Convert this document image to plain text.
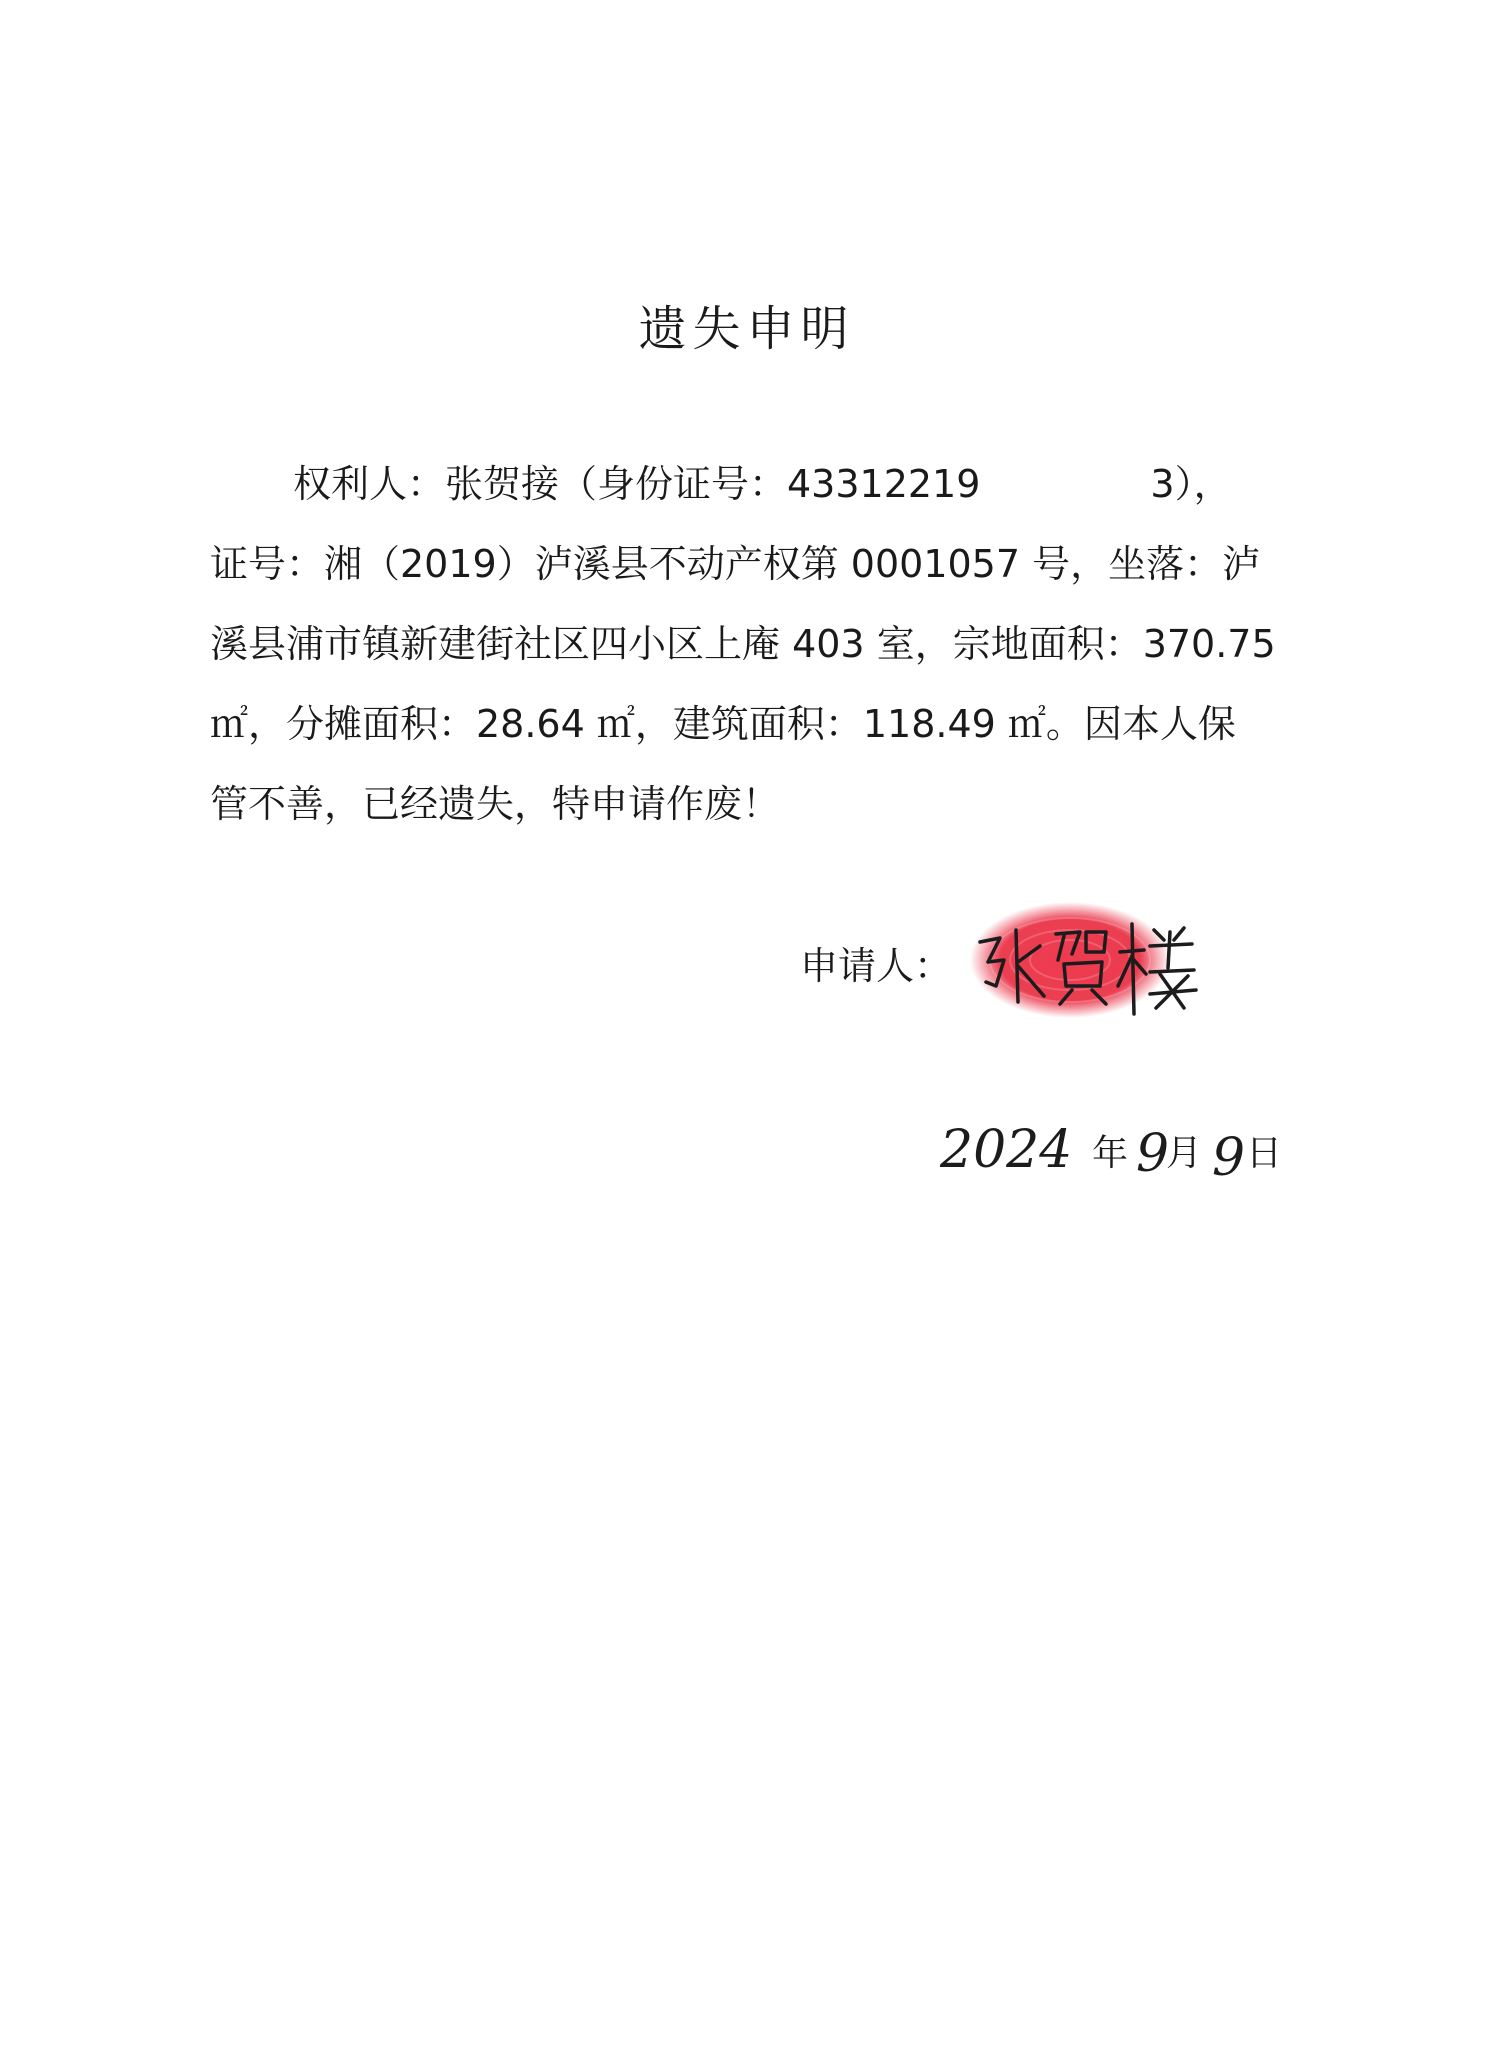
遗失申明
权利人：张贺接（身份证号：43312219	3），
证号：湘（2019）泸溪县不动产权第 0001057 号，坐落：泸
溪县浦市镇新建街社区四小区上庵 403 室，宗地面积：370.75
㎡，分摊面积：28.64 ㎡，建筑面积：118.49 ㎡。因本人保
管不善，已经遗失，特申请作废！
申请人：
2024 年 9
月 9 日
